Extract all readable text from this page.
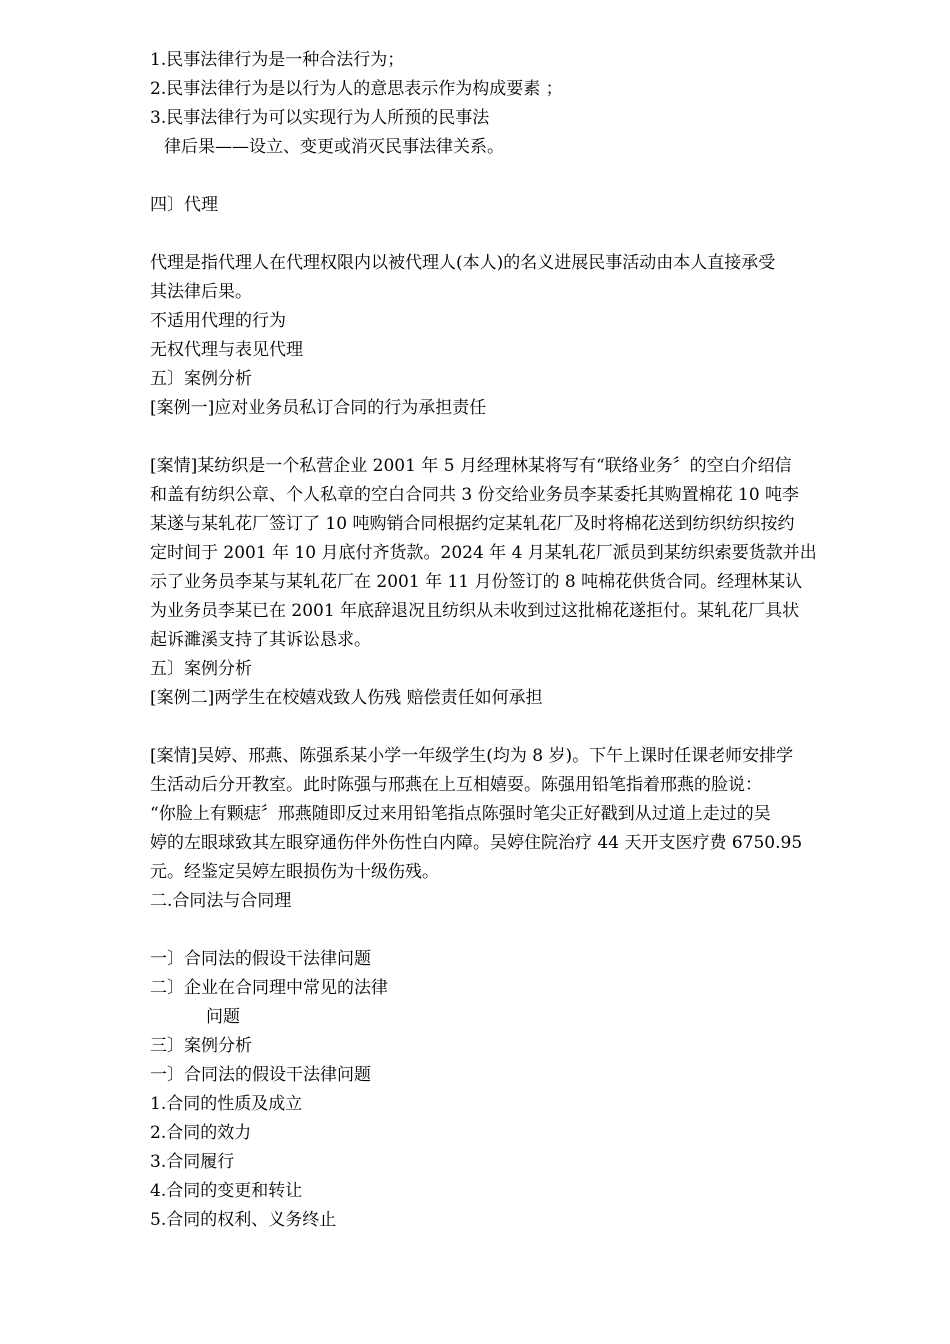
1.民事法律行为是一种合法行为；
2.民事法律行为是以行为人的意思表示作为构成要素 ；
3.民事法律行为可以实现行为人所预的民事法
律后果——设立、变更或消灭民事法律关系。
四〕代理
代理是指代理人在代理权限内以被代理人(本人)的名义进展民事活动由本人直接承受
其法律后果。
不适用代理的行为
无权代理与表见代理
五〕案例分析
[案例一]应对业务员私订合同的行为承担责任
[案情]某纺织是一个私营企业 2001 年 5 月经理林某将写有“联络业务〞的空白介绍信
和盖有纺织公章、个人私章的空白合同共 3 份交给业务员李某委托其购置棉花 10 吨李
某遂与某轧花厂签订了 10 吨购销合同根据约定某轧花厂及时将棉花送到纺织纺织按约
定时间于 2001 年 10 月底付齐货款。2024 年 4 月某轧花厂派员到某纺织索要货款并出
示了业务员李某与某轧花厂在 2001 年 11 月份签订的 8 吨棉花供货合同。经理林某认
为业务员李某已在 2001 年底辞退况且纺织从未收到过这批棉花遂拒付。某轧花厂具状
起诉濉溪支持了其诉讼恳求。
五〕案例分析
[案例二]两学生在校嬉戏致人伤残 赔偿责任如何承担
[案情]吴婷、邢燕、陈强系某小学一年级学生(均为 8 岁)。下午上课时任课老师安排学
生活动后分开教室。此时陈强与邢燕在上互相嬉耍。陈强用铅笔指着邢燕的脸说：
“你脸上有颗痣〞邢燕随即反过来用铅笔指点陈强时笔尖正好戳到从过道上走过的吴
婷的左眼球致其左眼穿通伤伴外伤性白内障。吴婷住院治疗 44 天开支医疗费 6750.95
元。经鉴定吴婷左眼损伤为十级伤残。
二.合同法与合同理
一〕合同法的假设干法律问题
二〕企业在合同理中常见的法律
问题
三〕案例分析
一〕合同法的假设干法律问题
1.合同的性质及成立
2.合同的效力
3.合同履行
4.合同的变更和转让
5.合同的权利、义务终止
